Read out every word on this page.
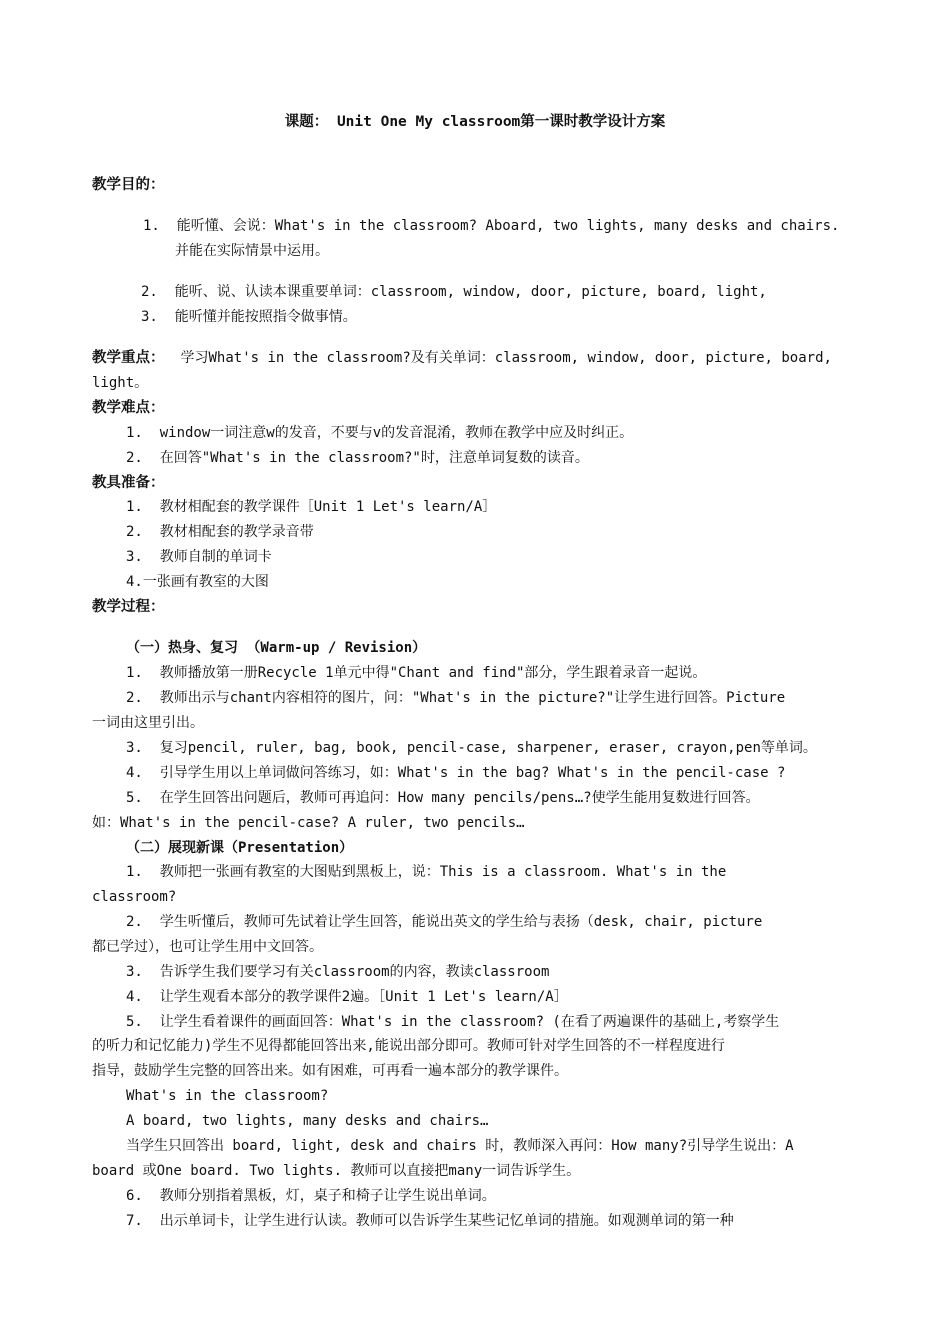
课题： Unit One My classroom第一课时教学设计方案
教学目的：
1.  能听懂、会说：What's in the classroom? Aboard, two lights, many desks and chairs.
并能在实际情景中运用。
2.  能听、说、认读本课重要单词：classroom, window, door, picture, board, light,
3.  能听懂并能按照指令做事情。
教学重点： 学习What's in the classroom?及有关单词：classroom, window, door, picture, board,
light。
教学难点：
1.  window一词注意w的发音，不要与v的发音混淆，教师在教学中应及时纠正。
2.  在回答"What's in the classroom?"时，注意单词复数的读音。
教具准备：
1.  教材相配套的教学课件［Unit 1 Let's learn/A］
2.  教材相配套的教学录音带
3.  教师自制的单词卡
4.一张画有教室的大图
教学过程：
（一）热身、复习 （Warm-up / Revision）
1.  教师播放第一册Recycle 1单元中得"Chant and find"部分，学生跟着录音一起说。
2.  教师出示与chant内容相符的图片，问："What's in the picture?"让学生进行回答。Picture
一词由这里引出。
3.  复习pencil, ruler, bag, book, pencil-case, sharpener, eraser, crayon,pen等单词。
4.  引导学生用以上单词做问答练习，如：What's in the bag? What's in the pencil-case ?
5.  在学生回答出问题后，教师可再追问：How many pencils/pens…?使学生能用复数进行回答。
如：What's in the pencil-case? A ruler, two pencils…
（二）展现新课（Presentation）
1.  教师把一张画有教室的大图贴到黑板上，说：This is a classroom. What's in the
classroom?
2.  学生听懂后，教师可先试着让学生回答，能说出英文的学生给与表扬（desk, chair, picture
都已学过），也可让学生用中文回答。
3.  告诉学生我们要学习有关classroom的内容，教读classroom
4.  让学生观看本部分的教学课件2遍。［Unit 1 Let's learn/A］
5.  让学生看着课件的画面回答：What's in the classroom? (在看了两遍课件的基础上,考察学生
的听力和记忆能力)学生不见得都能回答出来,能说出部分即可。教师可针对学生回答的不一样程度进行
指导，鼓励学生完整的回答出来。如有困难，可再看一遍本部分的教学课件。
What's in the classroom?
A board, two lights, many desks and chairs…
当学生只回答出 board, light, desk and chairs 时，教师深入再问：How many?引导学生说出：A
board 或One board. Two lights. 教师可以直接把many一词告诉学生。
6.  教师分别指着黑板，灯，桌子和椅子让学生说出单词。
7.  出示单词卡，让学生进行认读。教师可以告诉学生某些记忆单词的措施。如观测单词的第一种
